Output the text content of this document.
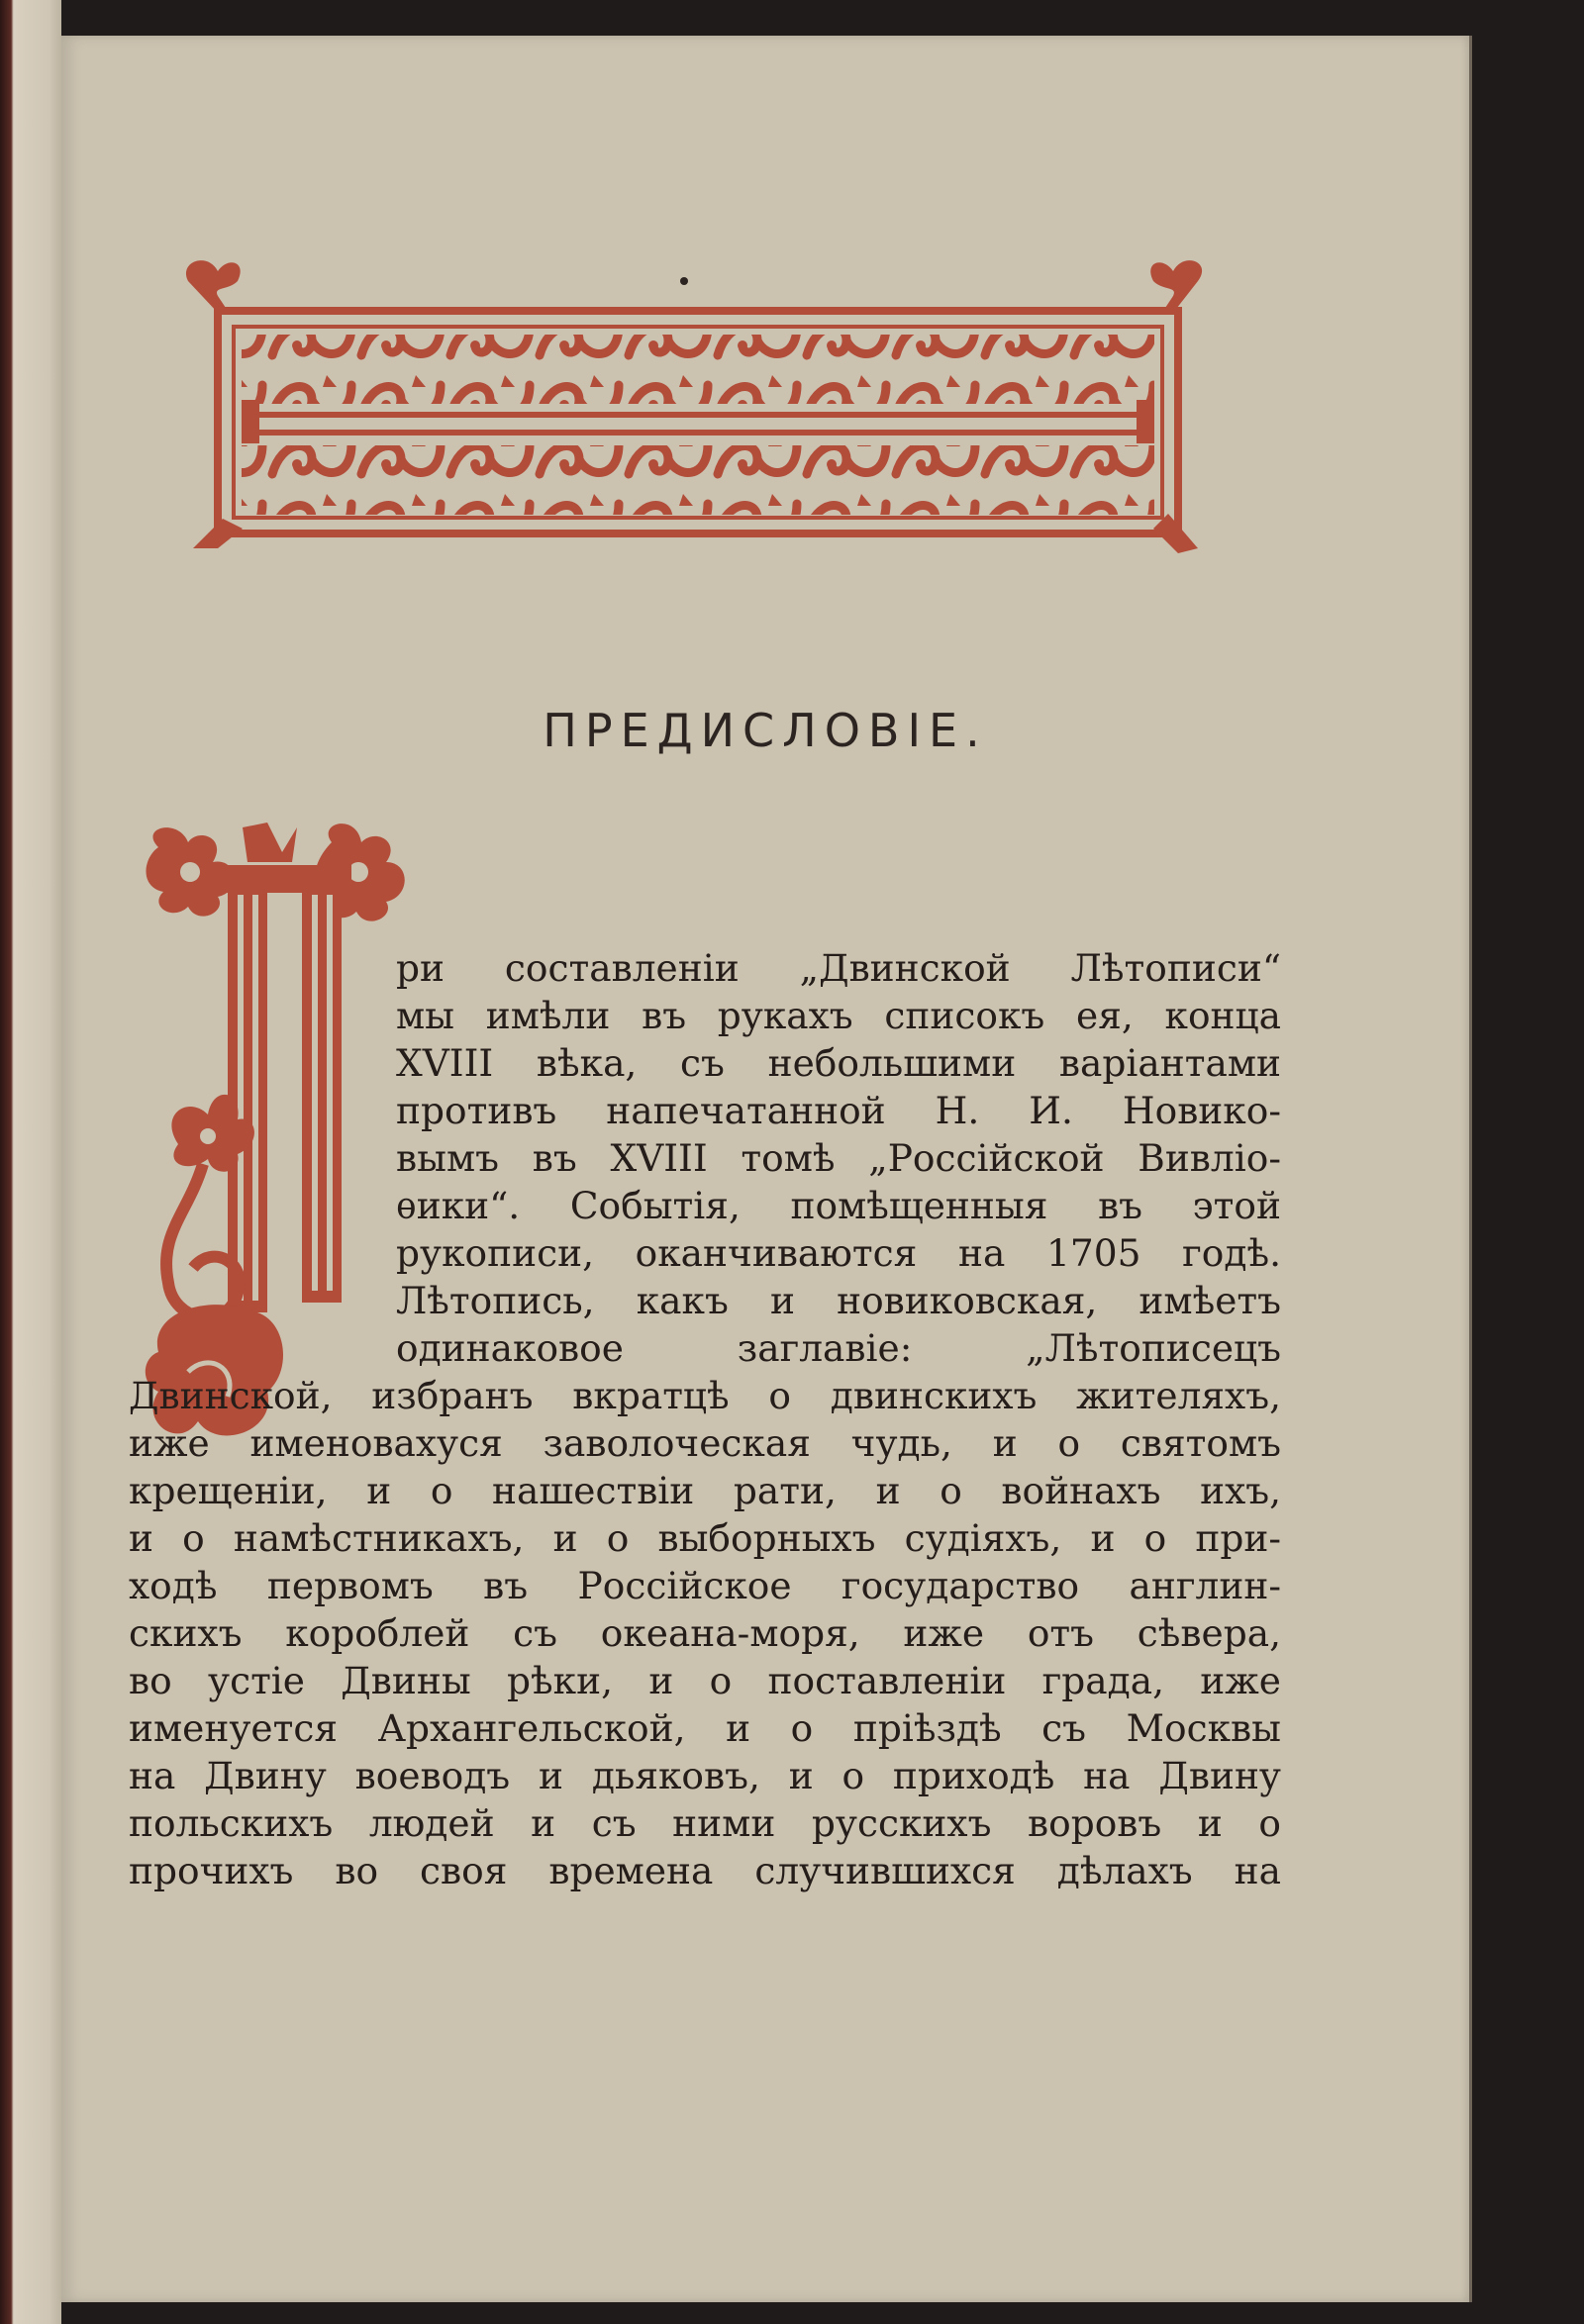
ПРЕДИСЛОВIЕ.
ри составленiи „Двинской Лѣтописи“
мы имѣли въ рукахъ списокъ ея, конца
XVIII вѣка, съ небольшими варiантами
противъ напечатанной Н. И. Новико-
вымъ въ XVIII томѣ „Россiйской Вивлiо-
ѳики“. Событiя, помѣщенныя въ этой
рукописи, оканчиваются на 1705 годѣ.
Лѣтопись, какъ и новиковская, имѣетъ
одинаковое заглавiе: „Лѣтописецъ
Двинской, избранъ вкратцѣ о двинскихъ жителяхъ,
иже именовахуся заволоческая чудь, и о святомъ
крещенiи, и о нашествiи рати, и о войнахъ ихъ,
и о намѣстникахъ, и о выборныхъ судiяхъ, и о при-
ходѣ первомъ въ Россiйское государство англин-
скихъ короблей съ океана-моря, иже отъ сѣвера,
во устiе Двины рѣки, и о поставленiи града, иже
именуется Архангельской, и о прiѣздѣ съ Москвы
на Двину воеводъ и дьяковъ, и о приходѣ на Двину
польскихъ людей и съ ними русскихъ воровъ и о
прочихъ во своя времена случившихся дѣлахъ на
